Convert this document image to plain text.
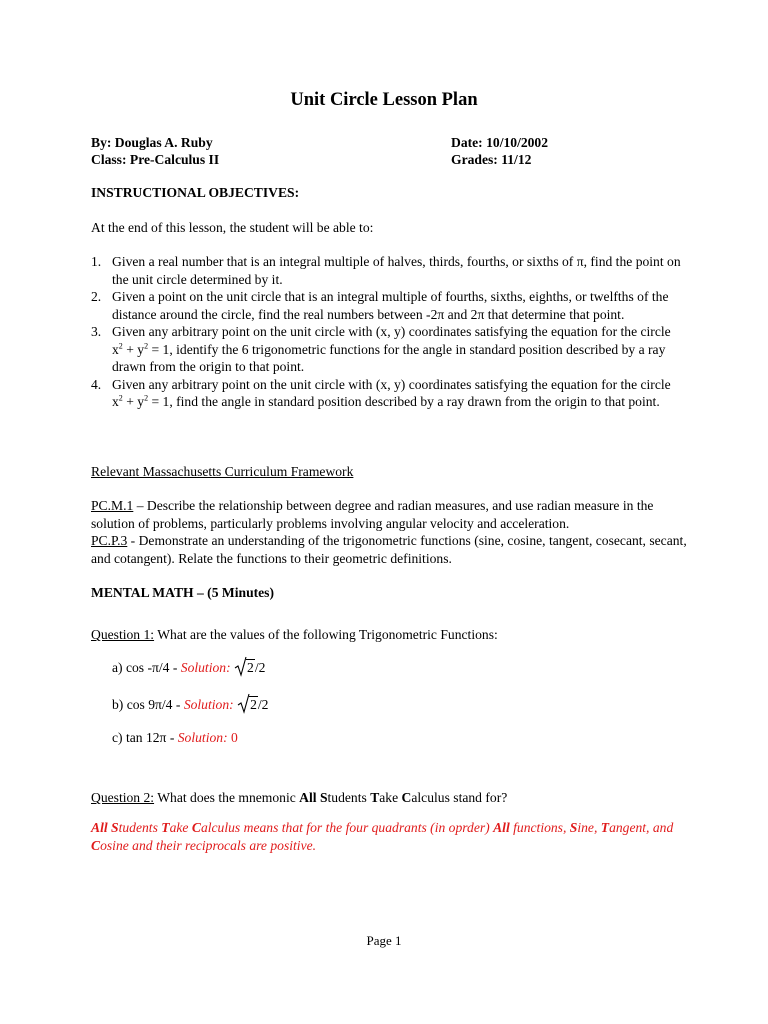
Unit Circle Lesson Plan
By: Douglas A. Ruby
Class: Pre-Calculus II
Date: 10/10/2002
Grades: 11/12
INSTRUCTIONAL OBJECTIVES:
At the end of this lesson, the student will be able to:
1. Given a real number that is an integral multiple of halves, thirds, fourths, or sixths of π, find the point on the unit circle determined by it.
2. Given a point on the unit circle that is an integral multiple of fourths, sixths, eighths, or twelfths of the distance around the circle, find the real numbers between -2π and 2π that determine that point.
3. Given any arbitrary point on the unit circle with (x, y) coordinates satisfying the equation for the circle $x^2 + y^2 = 1$, identify the 6 trigonometric functions for the angle in standard position described by a ray drawn from the origin to that point.
4. Given any arbitrary point on the unit circle with (x, y) coordinates satisfying the equation for the circle $x^2 + y^2 = 1$, find the angle in standard position described by a ray drawn from the origin to that point.
Relevant Massachusetts Curriculum Framework
PC.M.1 – Describe the relationship between degree and radian measures, and use radian measure in the solution of problems, particularly problems involving angular velocity and acceleration.
PC.P.3 - Demonstrate an understanding of the trigonometric functions (sine, cosine, tangent, cosecant, secant, and cotangent). Relate the functions to their geometric definitions.
MENTAL MATH – (5 Minutes)
Question 1: What are the values of the following Trigonometric Functions:
a) cos -π/4 - Solution: 2/2
b) cos 9π/4 - Solution: 2/2
c) tan 12π - Solution: 0
Question 2: What does the mnemonic All Students Take Calculus stand for?
All Students Take Calculus means that for the four quadrants (in oprder) All functions, Sine, Tangent, and Cosine and their reciprocals are positive.
Page 1
